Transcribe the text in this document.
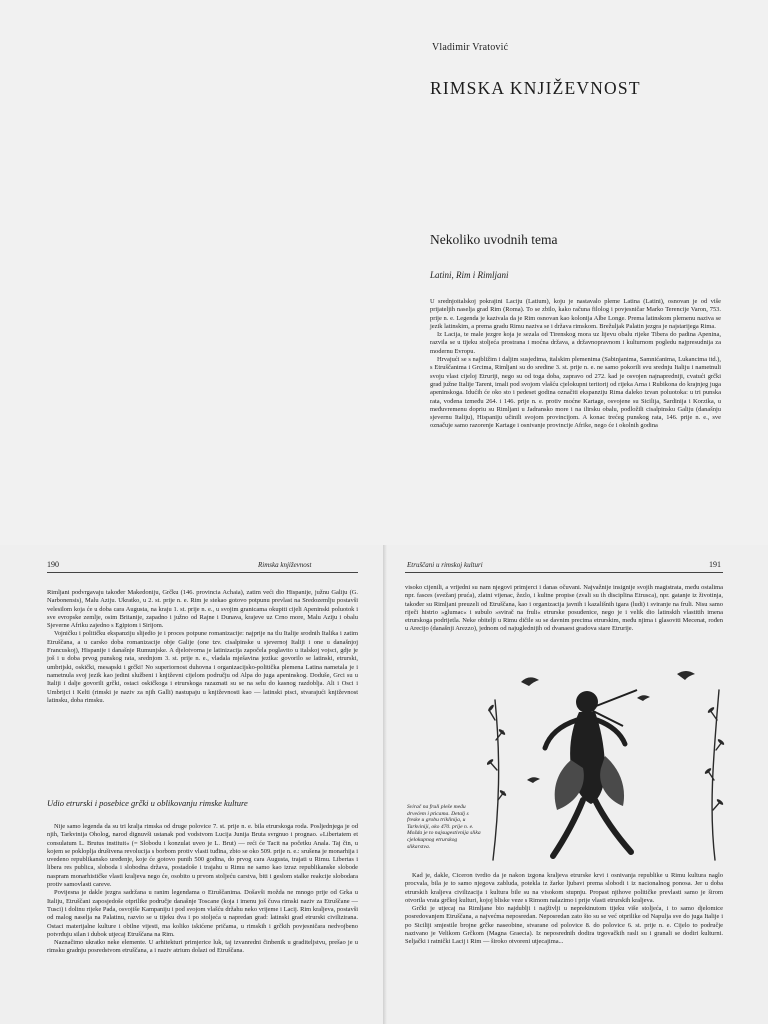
Vladimir Vratović
RIMSKA KNJIŽEVNOST
Nekoliko uvodnih tema
Latini, Rim i Rimljani

U srednjoitalskoj pokrajini Laciju (Latium), koju je nastavalo pleme Latina (Latini), osnovan je od više prijateljih naselja grad Rim (Roma). To se zbilo, kako računa filolog i povjesničar Marko Terencije Varon, 753. prije n. e. Legenda je kazivala da je Rim osnovan kao kolonija Albe Longe. Prema latinskom plemenu naziva se jezik latinskim, a prema gradu Rimu naziva se i država rimskom. Brežuljak Palatin jezgra je najstarijega Rima.

Iz Lacija, te male jezgre koja je sezala od Tirenskog mora uz lijevu obalu rijeke Tibera do padina Apenina, razvila se u tijeku stoljeća prostrana i moćna država, a državnopravnom i kulturnom pogledu najpresudnija za modernu Evropu.

Hrvajući se s najbližim i daljim susjedima, italskim plemenima (Sabinjanima, Samnićanima, Lukancima itd.), s Etruščanima i Grcima, Rimljani su do sredine 3. st. prije n. e. ne samo pokorili svu srednju Italiju i nametnuli svoju vlast cijeloj Etruriji, nego su od toga doba, zapravo od 272. kad je osvojen najnapredniji, cvatući grčki grad južne Italije Tarent, imali pod svojom vlašću cjelokupni teritorij od rijeka Arna i Rubikona do krajnjeg juga apeninskoga. Idućih će oko sto i pedeset godina označiti ekspanziju Rima daleko izvan poluotoka: u tri punska rata, vođena između 264. i 146. prije n. e. protiv moćne Kartage, osvojene su Sicilija, Sardinija i Korzika, u međuvremenu dopriu su Rimljani u Jadransko more i na ilirsku obalu, podložili cisalpinsku Galiju (današnju sjevernu Italiju), Hispaniju učinili svojom provincijom. A konac trećeg punskog rata, 146. prije n. e., sve označuje samo razorenje Kartage i osnivanje provincije Afrike, nego će i okolnih godina

190	Rimska književnost

Rimljani podvrgavaju također Makedoniju, Grčku (146. provincia Achaia), zatim veći dio Hispanije, južnu Galiju (G. Narbonensis), Malu Aziju. Ukratko, u 2. st. prije n. e. Rim je stekao gotovo potpunu prevlast na Sredozemlju postavši velesilom koja će u doba cara Augusta, na kraju 1. st. prije n. e., u svojim granicama okupiti cijeli Apeninski poluotok i sve evropske zemlje, osim Britanije, zapadno i južno od Rajne i Dunava, krajeve uz Crno more, Malu Aziju i obalu Sjeverne Afriku zajedno s Egiptom i Sirijom.

Vojničku i političku ekspanziju slijedio je i proces potpune romanizacije: najprije na tlu Italije srodnih Italika i zatim Etruščana, a u carsko doba romanizacije obje Galije (one tzv. cisalpinske u sjevernoj Italiji i one u današnjoj Francuskoj), Hispanije i današnje Rumunjske. A djelotvorna je latinizacija započela poglavito u italskoj vojsci, gdje je još i u doba prvog punskog rata, srednjom 3. st. prije n. e., vladala mješavina jezika: govorilo se latinski, etrurski, umbrijski, oskički, mesapski i grčki! No superiornost duhovna i organizacijsko-politička plemena Latina nametala je i nametnula svoj jezik kao jedini službeni i književni cijelom području od Alpa do juga apeninskog. Doduše, Grci su u Italiji i dalje govorili grčki, ostaci oskičkoga i etrurskoga razaznati su se na selu do kasnog razdoblja. Ali i Osci i Umbrijci i Kelti (rimski je naziv za njih Galli) nastupaju u književnosti kao — latinski pisci, stvarajući književnost latinsku, doba rimsku.

Udio etrurski i posebice grčki u oblikovanju rimske kulture

Nije samo legenda da su tri kralja rimska od druge polovice 7. st. prije n. e. bila etrurskoga roda. Posljednjega je od njih, Tarkvinija Oholog, narod dignuvši ustanak pod vodstvom Lucija Junija Bruta svrgnuo i prognao. »Libertatem et consulatum L. Brutus instituit« (= Slobodu i konzulat uveo je L. Brut) — reći će Tacit na početku Anala. Taj čin, u kojem se pokloplja društvena revolucija s borbom protiv vlasti tuđina, zbio se oko 509. prije n. e.: srušena je monarhija i uvedeno republikansko uređenje, koje će gotovo punih 500 godina, do prvog cara Augusta, trajati u Rimu. Libertas i libera res publica, sloboda i slobodna država, postadoše i trajahu u Rimu ne samo kao izraz republikanske slobode naspram monarhističke vlasti kraljeva nego će, osobito u prvom stoljeću carstva, biti i geslom stalke reakcije slobodara protiv samovlasti careve.

Povijesna je dakle jezgra sadržana u ranim legendama o Etruščanima. Došavši možda ne mnogo prije od Grka u Italiju, Etruščani zaposjedoše otprilike područje današnje Toscane (koja i imenu još čuva rimski naziv za Etruščane — Tusci) i dolinu rijeke Pada, osvojiše Kampaniju i pod svojom vlašću držahu neko vrijeme i Lacij. Rim kraljeva, postavši od malog naselja na Palatinu, razvio se u tijeku dva i po stoljeća u napredan grad: latinski grad etrurski civilizirana. Ostaci materijalne kulture i obilne vijesti, ma koliko iskićene pričama, u rimskih i grčkih povjesničara nedvojbeno potvrđuju silan i dubok utjecaj Etruščana na Rim.

Naznačimo ukratko neke elemente. U arhitekturi primjerice luk, taj izvanredni činbenik u graditeljstvu, prešao je u rimsku gradnju posredstvom etruščana, a i naziv atrium dolazi od Etruščana.

Etruščani u rimskoj kulturi	191

visoko cijenili, a vrijedni su nam njegovi primjerci i danas očuvani. Najvažnije insignije svojih magistrata, među ostalima npr. fasces (svežanj pruća), zlatni vijenac, žezlo, i kultne propise (zvali su ih disciplina Etrusca), npr. gatanje iz životinja, također su Rimljani preuzeli od Etruščana, kao i organizacija javnih i kazališnih igara (ludi) i sviranje na fruli. Nisu samo riječi histrio »glumac« i subulo »svirač na fruli« etrurske posuđenice, nego je i velik dio latinskih vlastitih imena etrurskoga podrijetla. Neke obitelji u Rimu dičile su se davnim precima etrurskim, među njima i glasoviti Mecenat, rođen u Arecijo (današnji Arezzo), jednom od najuglednijih od dvanaest gradova stare Etrurije.

Svirač na fruli pleše među drvećem i pticama. Detalj s freske u grobu triklinija, u Tarkviniji, oko 470. prije n. e. Možda je to najsugestivnija slika cjelokupnog etrurskog slikarstva.

Kad je, dakle, Ciceron tvrdio da je nakon izgona kraljeva etrurske krvi i osnivanja republike u Rimu kultura naglo procvala, bila je to samo njegova zabluda, potekla iz žarke ljubavi prema slobodi i iz nacionalnog ponosa. Jer u doba etrurskih kraljeva civilizacija i kultura bile su na visokom stupnju. Propast njihove političke prevlasti samo je širom otvorila vrata grčkoj kulturi, kojoj bliske veze s Rimom nalazimo i prije vlasti etrurskih kraljeva.

Grčki je utjecaj na Rimljane bio najdublji i najživlji u neprekinutom tijeku više stoljeća, i to samo djelomice posredovanjem Etruščana, a najvećma neposredan. Neposredan zato što su se već otprilike od Napulja sve do juga Italije i po Siciliji smjestile brojne grčke naseobine, stvarane od polovice 8. do polovice 6. st. prije n. e. Cijelo to područje nazivano je Velikom Grčkom (Magna Graecia). Iz neposrednih dodira trgovačkih rasli su i granali se dodiri kulturni. Seljački i ratnički Lacij i Rim — široko otvoreni utjecajima...
